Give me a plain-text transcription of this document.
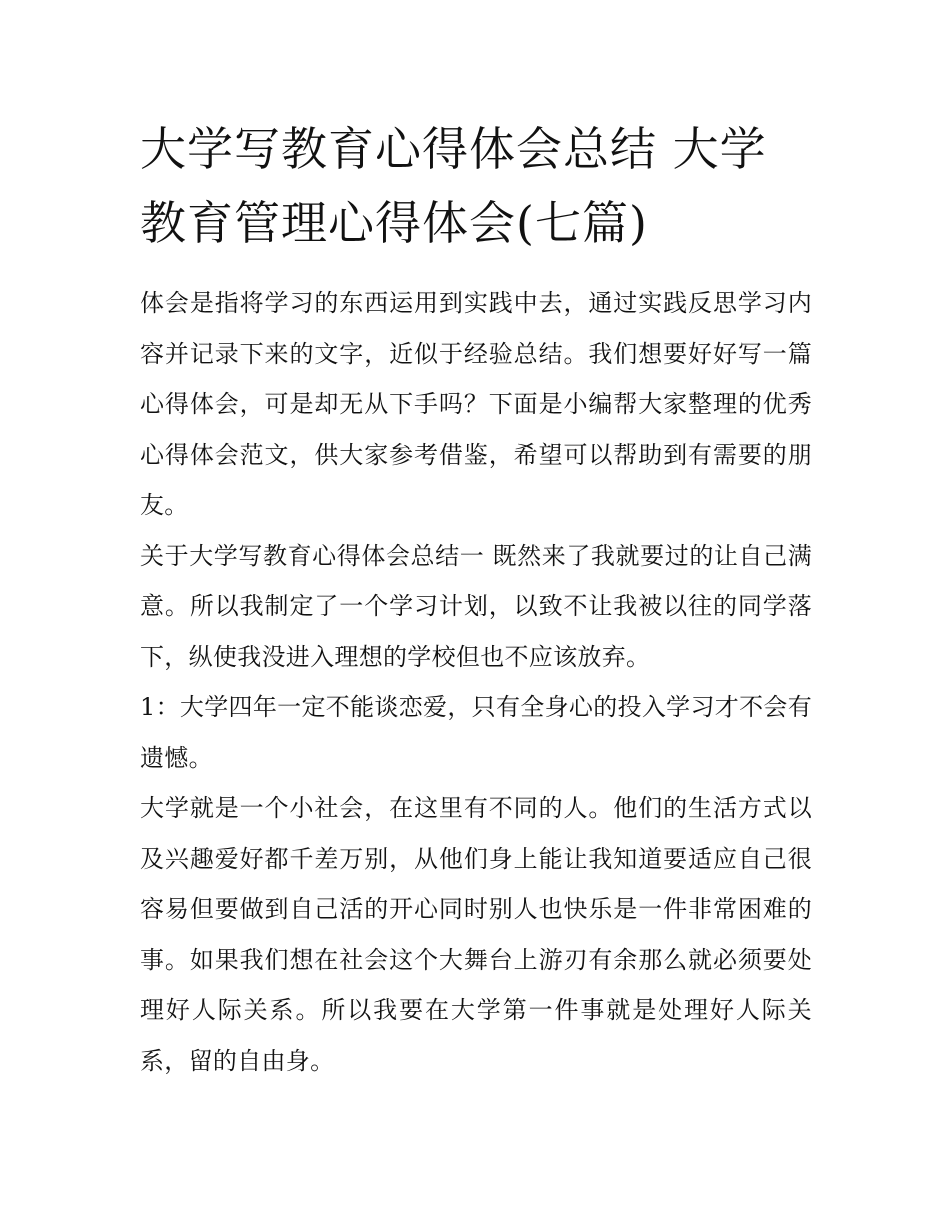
大学写教育心得体会总结 大学教育管理心得体会(七篇)

体会是指将学习的东西运用到实践中去，通过实践反思学习内容并记录下来的文字，近似于经验总结。我们想要好好写一篇心得体会，可是却无从下手吗？下面是小编帮大家整理的优秀心得体会范文，供大家参考借鉴，希望可以帮助到有需要的朋友。

关于大学写教育心得体会总结一 既然来了我就要过的让自己满意。所以我制定了一个学习计划，以致不让我被以往的同学落下，纵使我没进入理想的学校但也不应该放弃。

1：大学四年一定不能谈恋爱，只有全身心的投入学习才不会有遗憾。

大学就是一个小社会，在这里有不同的人。他们的生活方式以及兴趣爱好都千差万别，从他们身上能让我知道要适应自己很容易但要做到自己活的开心同时别人也快乐是一件非常困难的事。如果我们想在社会这个大舞台上游刃有余那么就必须要处理好人际关系。所以我要在大学第一件事就是处理好人际关系，留的自由身。
